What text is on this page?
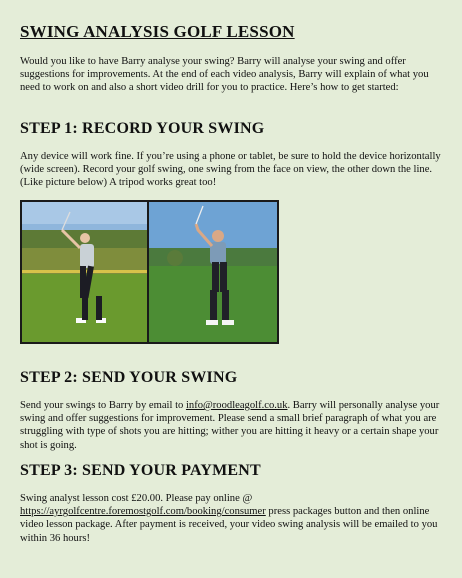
SWING ANALYSIS GOLF LESSON

Would you like to have Barry analyse your swing? Barry will analyse your swing and offer suggestions for improvements. At the end of each video analysis, Barry will explain of what you need to work on and also a short video drill for you to practice. Here’s how to get started:

STEP 1: RECORD YOUR SWING

Any device will work fine. If you’re using a phone or tablet, be sure to hold the device horizontally (wide screen). Record your golf swing, one swing from the face on view, the other down the line. (Like picture below) A tripod works great too!

STEP 2: SEND YOUR SWING

Send your swings to Barry by email to info@roodleagolf.co.uk. Barry will personally analyse your swing and offer suggestions for improvement. Please send a small brief paragraph of what you are struggling with type of shots you are hitting; wither you are hitting it heavy or a certain shape your shot is going.

STEP 3: SEND YOUR PAYMENT

Swing analyst lesson cost £20.00. Please pay online @ https://ayrgolfcentre.foremostgolf.com/booking/consumer press packages button and then online video lesson package. After payment is received, your video swing analysis will be emailed to you within 36 hours!
